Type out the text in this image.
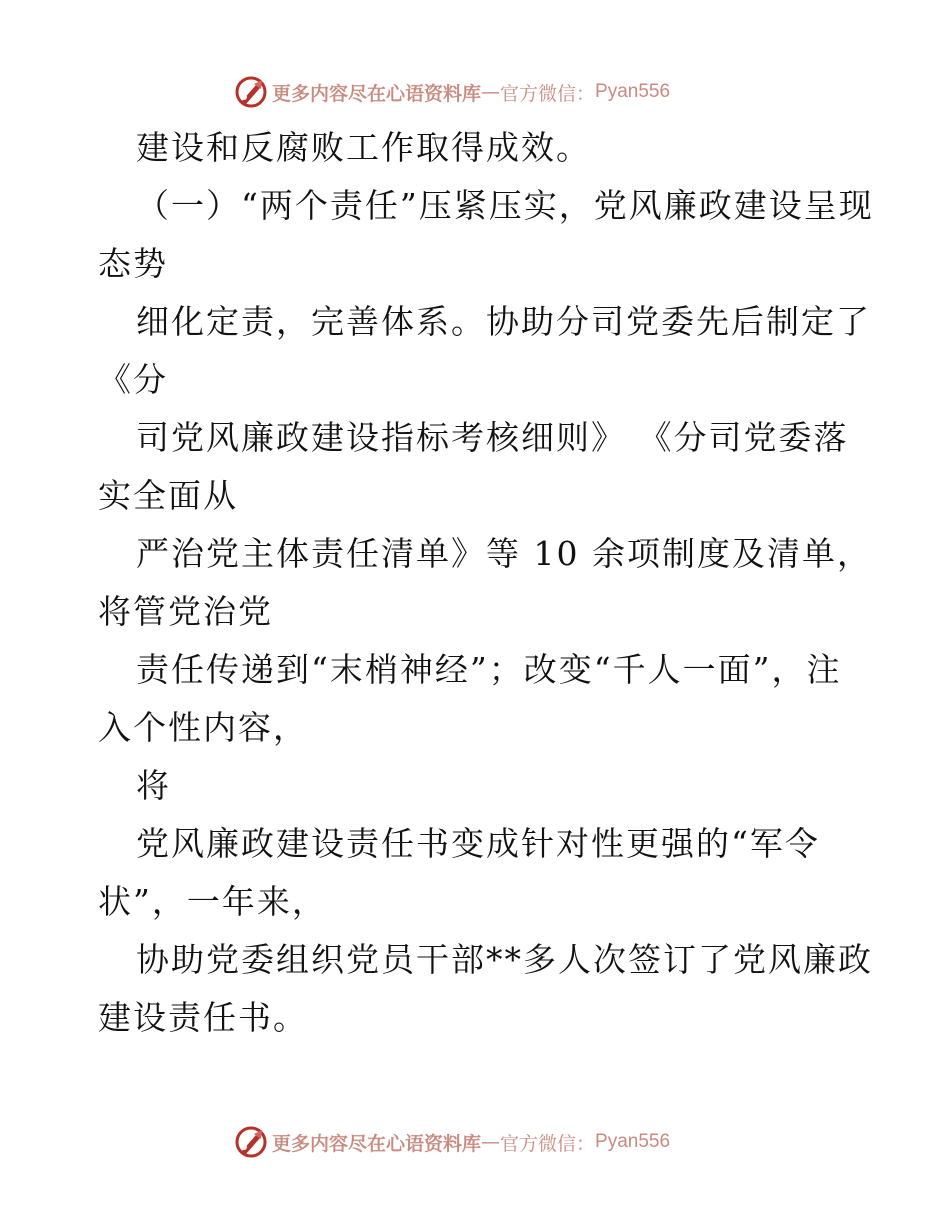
更多内容尽在心语资料库 — 官方微信： Pyan556
建设和反腐败工作取得成效。
（一）“两个责任”压紧压实，党风廉政建设呈现
态势
细化定责，完善体系。协助分司党委先后制定了
《分
司党风廉政建设指标考核细则》 《分司党委落
实全面从
严治党主体责任清单》等 10 余项制度及清单，
将管党治党
责任传递到“末梢神经”；改变“千人一面”，注
入个性内容，
将
党风廉政建设责任书变成针对性更强的“军令
状”，一年来，
协助党委组织党员干部**多人次签订了党风廉政
建设责任书。
更多内容尽在心语资料库 — 官方微信： Pyan556
